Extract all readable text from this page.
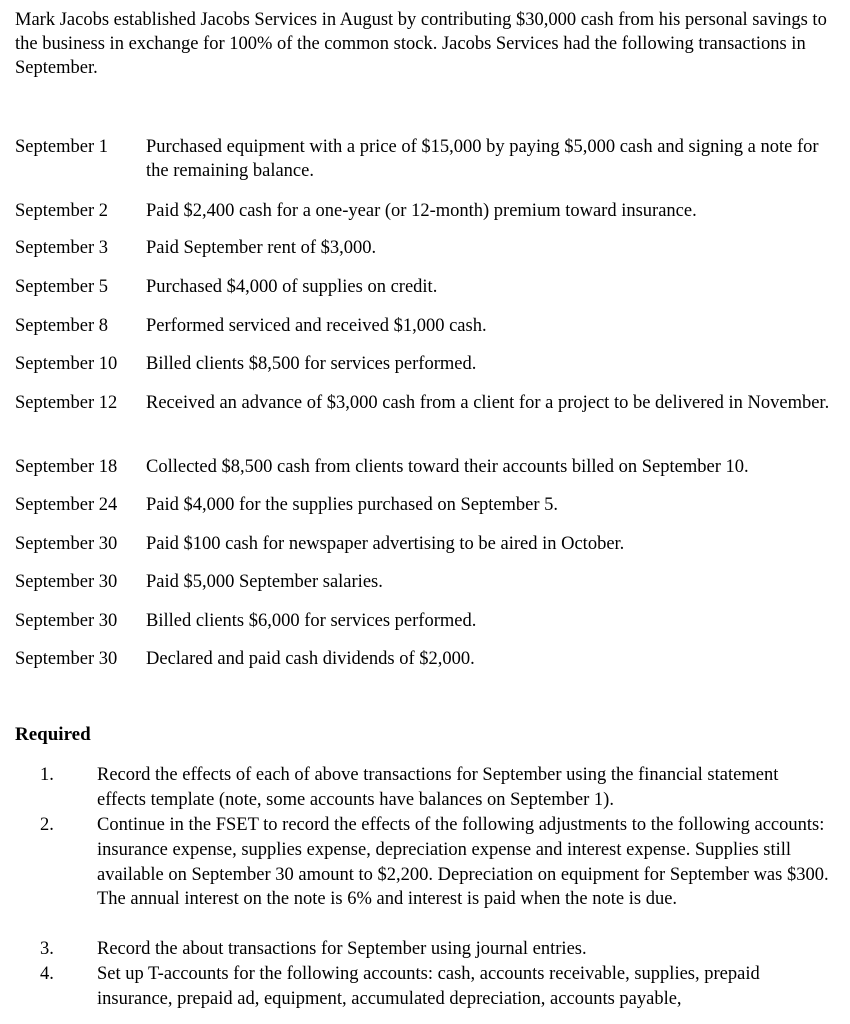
Mark Jacobs established Jacobs Services in August by contributing $30,000 cash from his personal savings to the business in exchange for 100% of the common stock. Jacobs Services had the following transactions in September.

September 1	Purchased equipment with a price of $15,000 by paying $5,000 cash and signing a note for the remaining balance.
September 2	Paid $2,400 cash for a one-year (or 12-month) premium toward insurance.
September 3	Paid September rent of $3,000.
September 5	Purchased $4,000 of supplies on credit.
September 8	Performed serviced and received $1,000 cash.
September 10	Billed clients $8,500 for services performed.
September 12	Received an advance of $3,000 cash from a client for a project to be delivered in November.
September 18	Collected $8,500 cash from clients toward their accounts billed on September 10.
September 24	Paid $4,000 for the supplies purchased on September 5.
September 30	Paid $100 cash for newspaper advertising to be aired in October.
September 30	Paid $5,000 September salaries.
September 30	Billed clients $6,000 for services performed.
September 30	Declared and paid cash dividends of $2,000.

Required

1.	Record the effects of each of above transactions for September using the financial statement effects template (note, some accounts have balances on September 1).
2.	Continue in the FSET to record the effects of the following adjustments to the following accounts: insurance expense, supplies expense, depreciation expense and interest expense. Supplies still available on September 30 amount to $2,200. Depreciation on equipment for September was $300. The annual interest on the note is 6% and interest is paid when the note is due.
3.	Record the about transactions for September using journal entries.
4.	Set up T-accounts for the following accounts: cash, accounts receivable, supplies, prepaid insurance, prepaid ad, equipment, accumulated depreciation, accounts payable,
